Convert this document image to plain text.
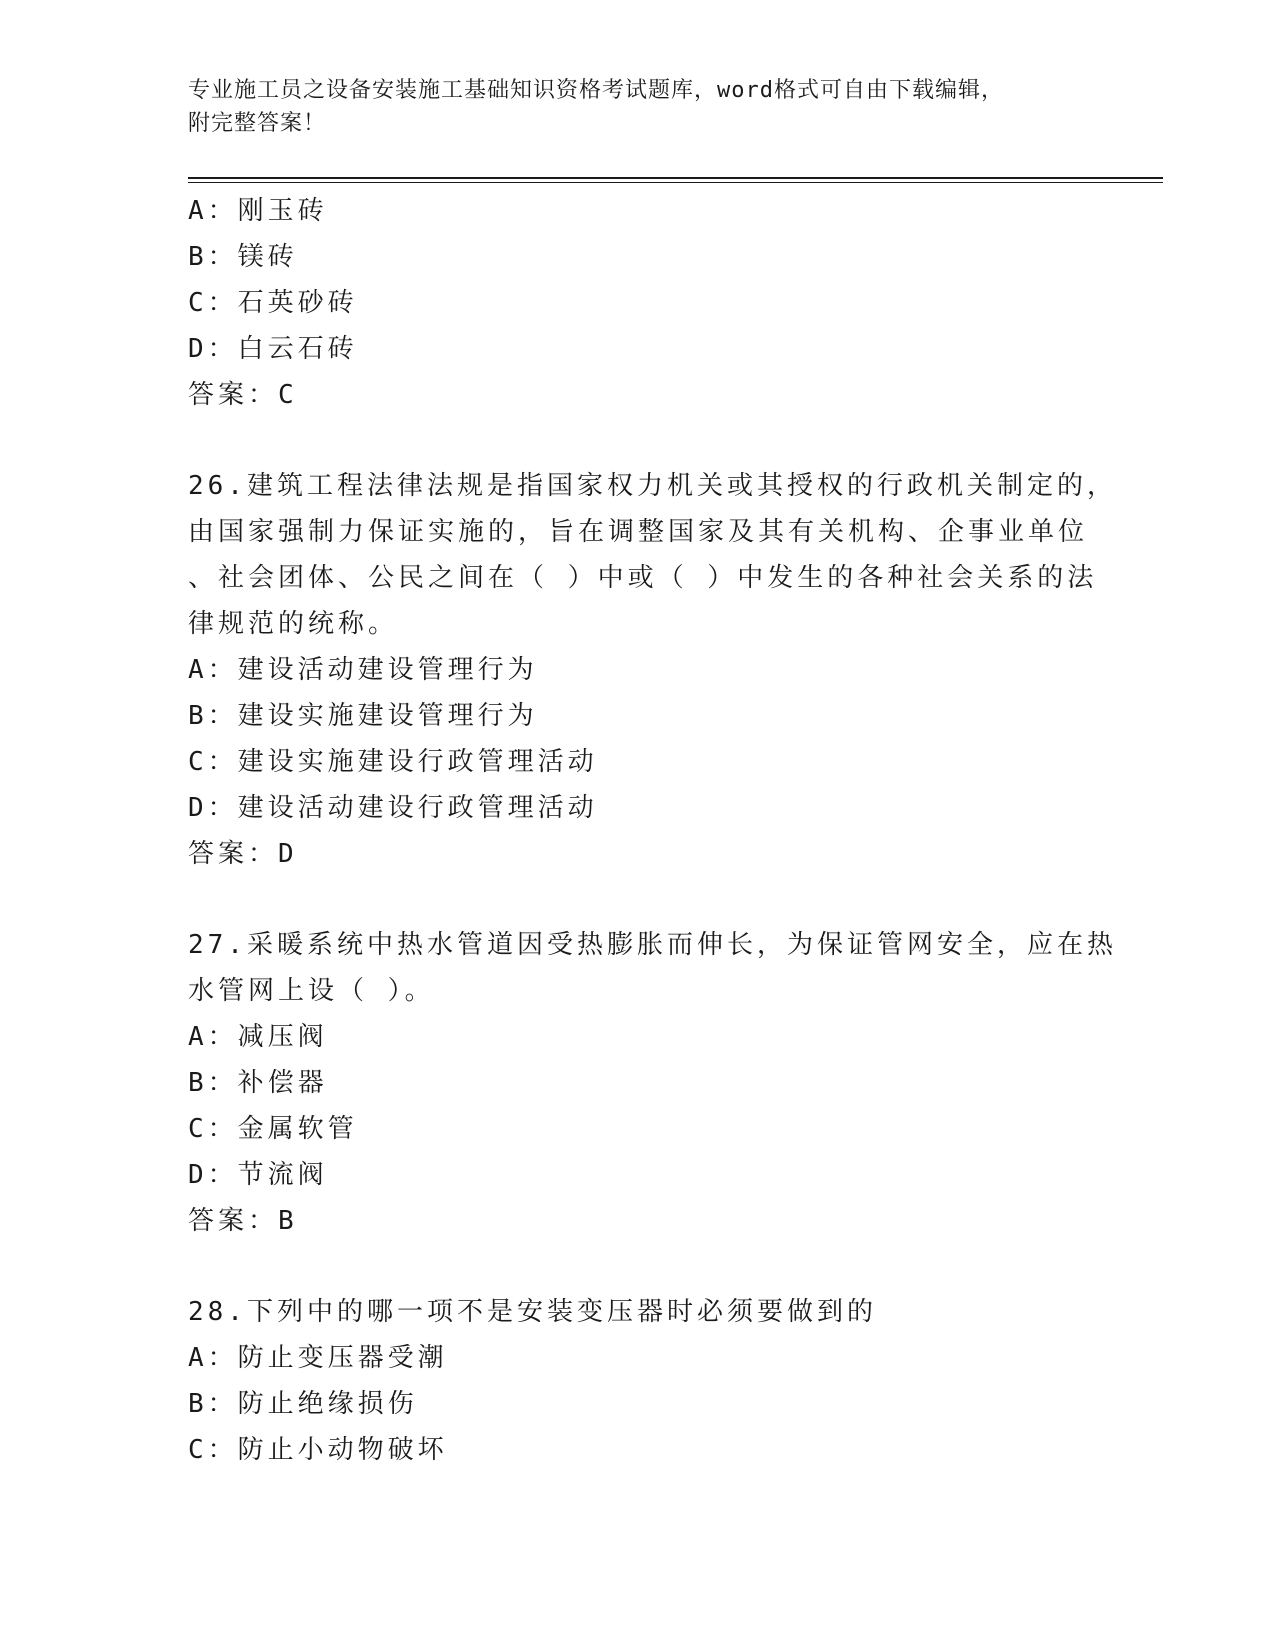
专业施工员之设备安装施工基础知识资格考试题库，word格式可自由下载编辑，
附完整答案！
A：刚玉砖
B：镁砖
C：石英砂砖
D：白云石砖
答案：C
26.建筑工程法律法规是指国家权力机关或其授权的行政机关制定的，
由国家强制力保证实施的，旨在调整国家及其有关机构、企事业单位
、社会团体、公民之间在（ ）中或（ ）中发生的各种社会关系的法
律规范的统称。
A：建设活动建设管理行为
B：建设实施建设管理行为
C：建设实施建设行政管理活动
D：建设活动建设行政管理活动
答案：D
27.采暖系统中热水管道因受热膨胀而伸长，为保证管网安全，应在热
水管网上设（ ）。
A：减压阀
B：补偿器
C：金属软管
D：节流阀
答案：B
28.下列中的哪一项不是安装变压器时必须要做到的
A：防止变压器受潮
B：防止绝缘损伤
C：防止小动物破坏
